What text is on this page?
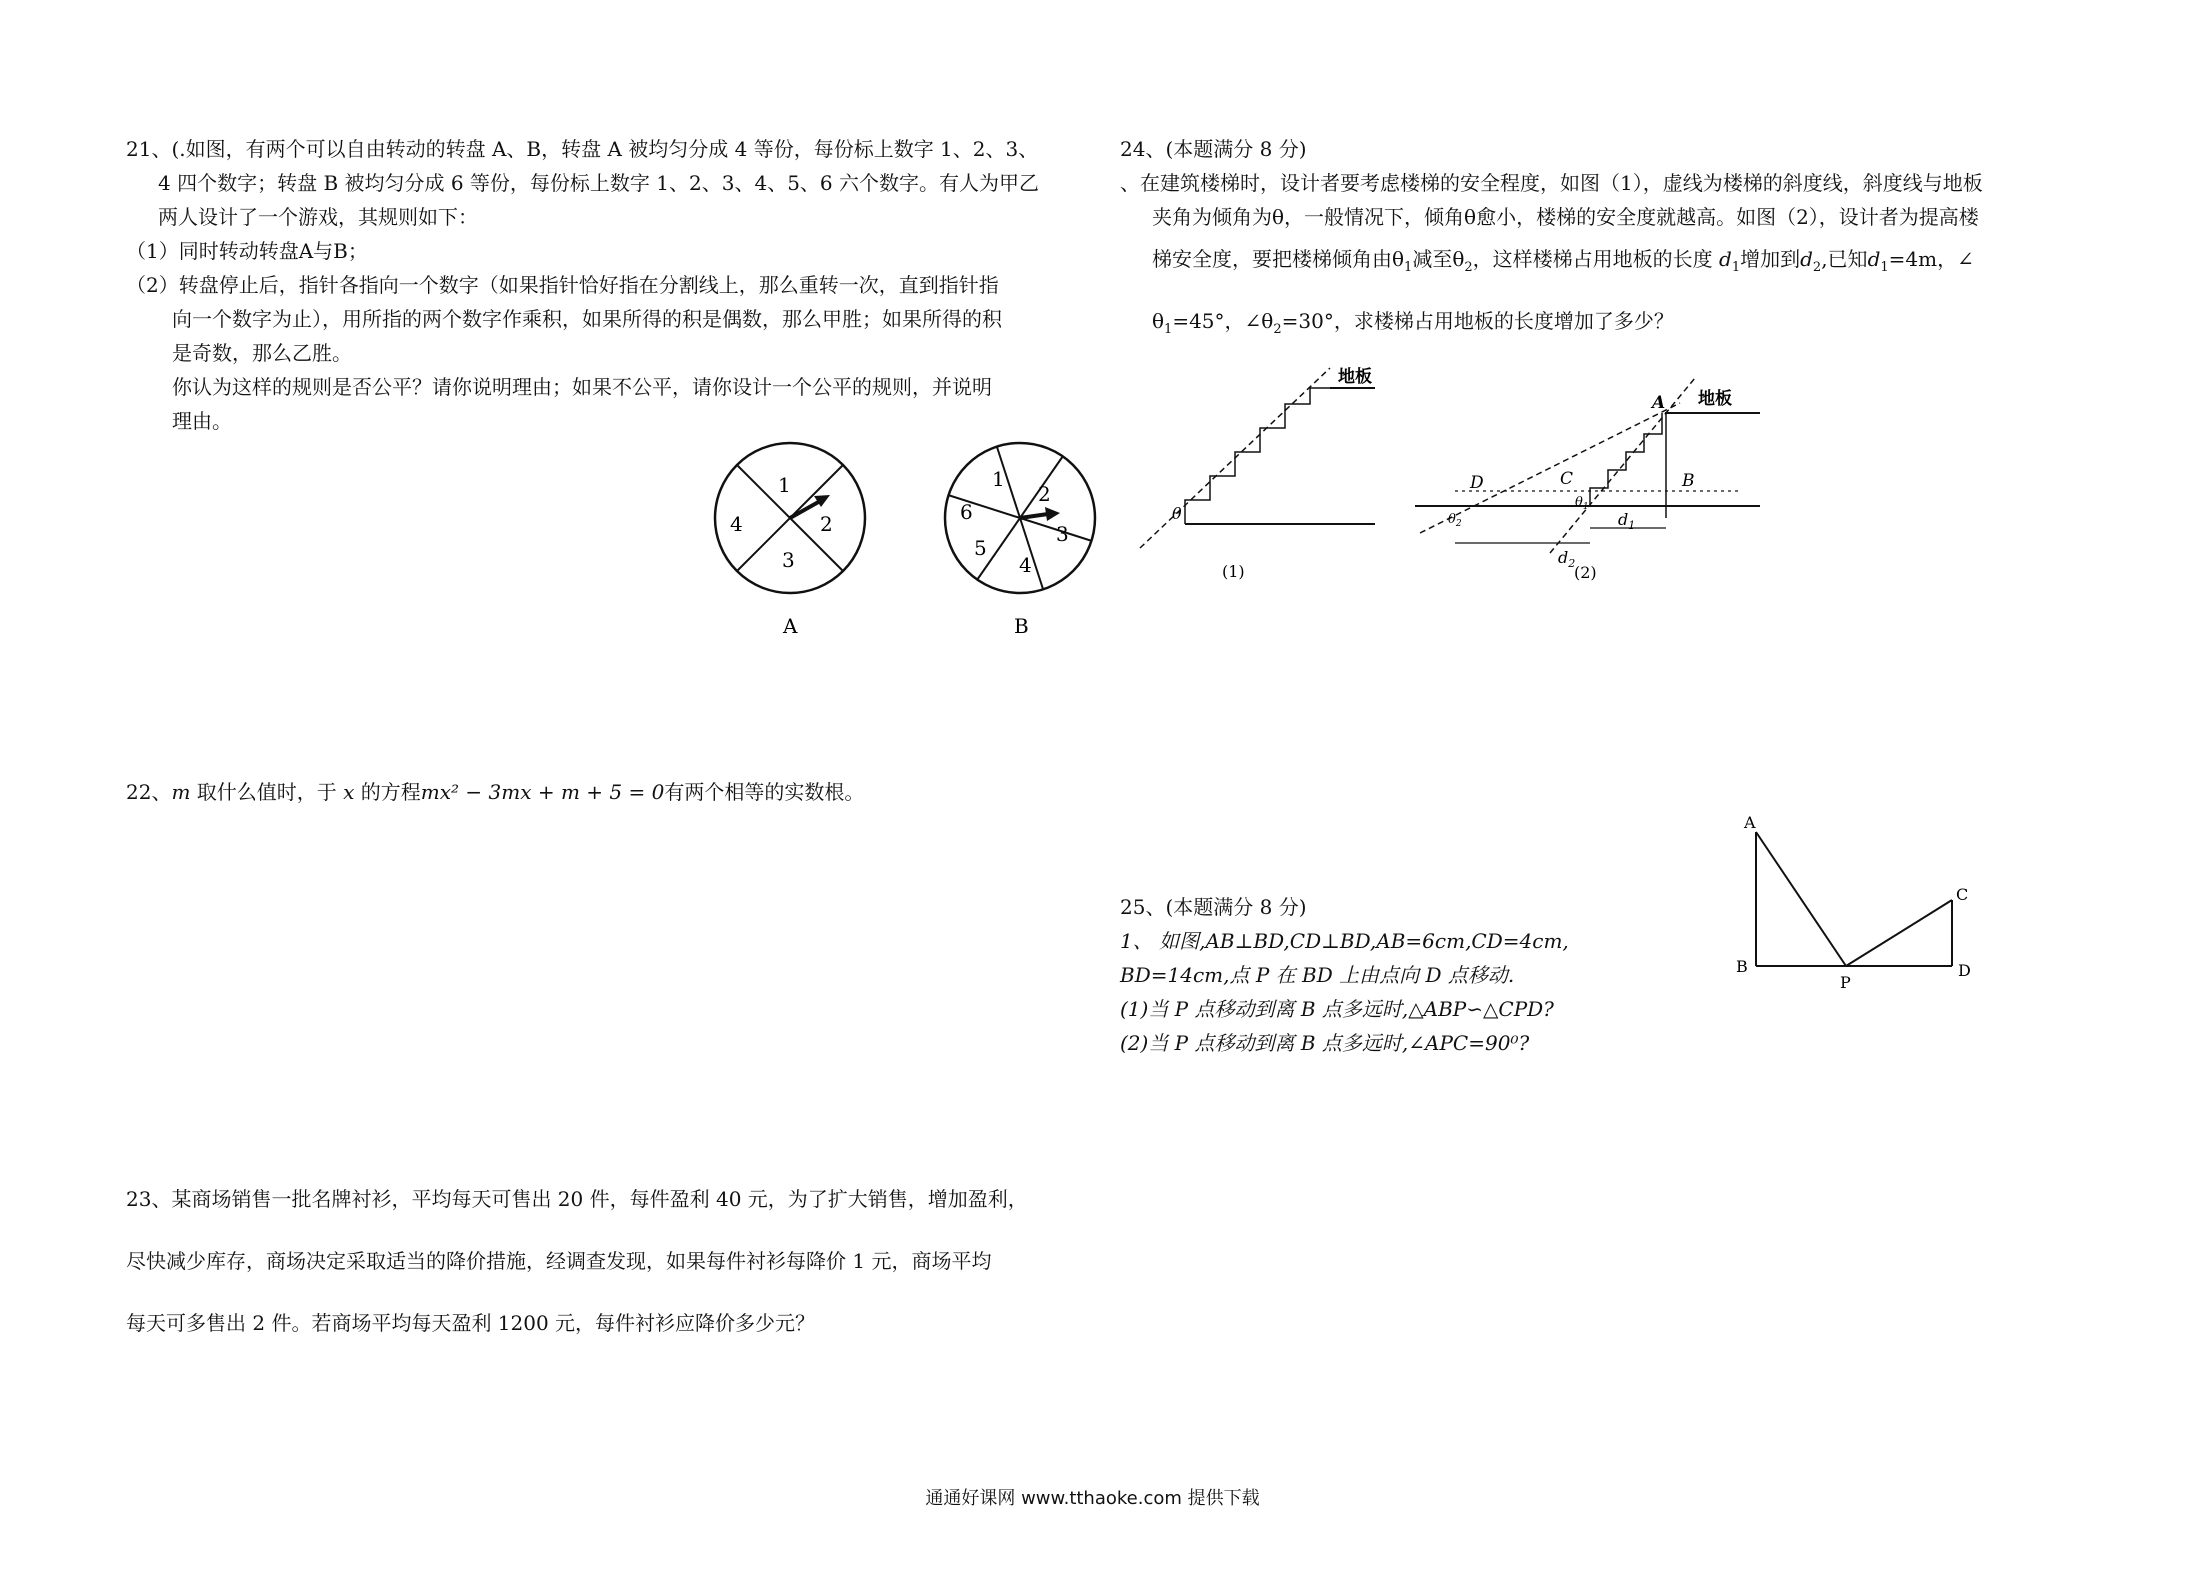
21、(.如图，有两个可以自由转动的转盘 A、B，转盘 A 被均匀分成 4 等份，每份标上数字 1、2、3、
4 四个数字；转盘 B 被均匀分成 6 等份，每份标上数字 1、2、3、4、5、6 六个数字。有人为甲乙
两人设计了一个游戏，其规则如下：
（1）同时转动转盘A与B；
（2）转盘停止后，指针各指向一个数字（如果指针恰好指在分割线上，那么重转一次，直到指针指
向一个数字为止），用所指的两个数字作乘积，如果所得的积是偶数，那么甲胜；如果所得的积
是奇数，那么乙胜。
你认为这样的规则是否公平？请你说明理由；如果不公平，请你设计一个公平的规则，并说明
理由。
1
2
3
4
A
1
2
3
4
5
6
B
22、m 取什么值时，于 x 的方程mx² − 3mx + m + 5 = 0有两个相等的实数根。
23、某商场销售一批名牌衬衫，平均每天可售出 20 件，每件盈利 40 元，为了扩大销售，增加盈利，
尽快减少库存，商场决定采取适当的降价措施，经调查发现，如果每件衬衫每降价 1 元，商场平均
每天可多售出 2 件。若商场平均每天盈利 1200 元，每件衬衫应降价多少元？
24、(本题满分 8 分)
、在建筑楼梯时，设计者要考虑楼梯的安全程度，如图（1），虚线为楼梯的斜度线，斜度线与地板
夹角为倾角为θ，一般情况下，倾角θ愈小，楼梯的安全度就越高。如图（2），设计者为提高楼
梯安全度，要把楼梯倾角由$\theta_1$减至$\theta_2$，这样楼梯占用地板的长度 $d_1$增加到$d_2$,已知$d_1=4m$，∠
$\theta_1=45^\circ$，$\angle\theta_2=30^\circ$，求楼梯占用地板的长度增加了多少？
地板
θ
(1)
A 地板
B
C
D
$\theta_1$
$\theta_2$
$d_2$
$d_1$
(2)
25、(本题满分 8 分)
1、 如图,AB⊥BD,CD⊥BD,AB=6cm,CD=4cm,
BD=14cm,点 P 在 BD 上由点向 D 点移动.
(1)当 P 点移动到离 B 点多远时,△ABP∽△CPD?
(2)当 P 点移动到离 B 点多远时,∠APC=90⁰?
A
B
C
D
P
通通好课网 www.tthaoke.com 提供下载
